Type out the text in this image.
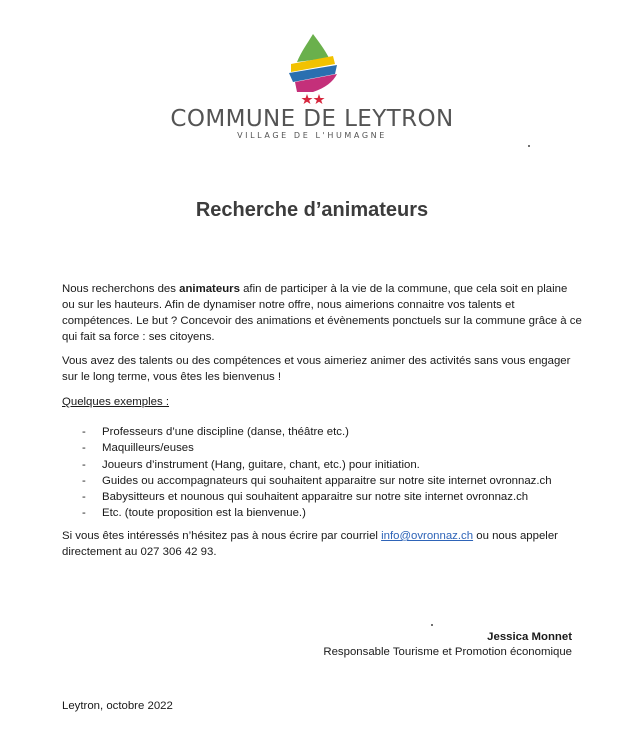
COMMUNE DE LEYTRON
VILLAGE DE L'HUMAGNE
Recherche d’animateurs

Nous recherchons des animateurs afin de participer à la vie de la commune, que cela soit en plaine ou sur les hauteurs. Afin de dynamiser notre offre, nous aimerions connaitre vos talents et compétences. Le but ? Concevoir des animations et évènements ponctuels sur la commune grâce à ce qui fait sa force : ses citoyens.

Vous avez des talents ou des compétences et vous aimeriez animer des activités sans vous engager sur le long terme, vous êtes les bienvenus !

Quelques exemples :

- Professeurs d’une discipline (danse, théâtre etc.)
- Maquilleurs/euses
- Joueurs d’instrument (Hang, guitare, chant, etc.) pour initiation.
- Guides ou accompagnateurs qui souhaitent apparaitre sur notre site internet ovronnaz.ch
- Babysitteurs et nounous qui souhaitent apparaitre sur notre site internet ovronnaz.ch
- Etc. (toute proposition est la bienvenue.)

Si vous êtes intéressés n’hésitez pas à nous écrire par courriel info@ovronnaz.ch ou nous appeler directement au 027 306 42 93.

Jessica Monnet

Responsable Tourisme et Promotion économique

Leytron, octobre 2022
